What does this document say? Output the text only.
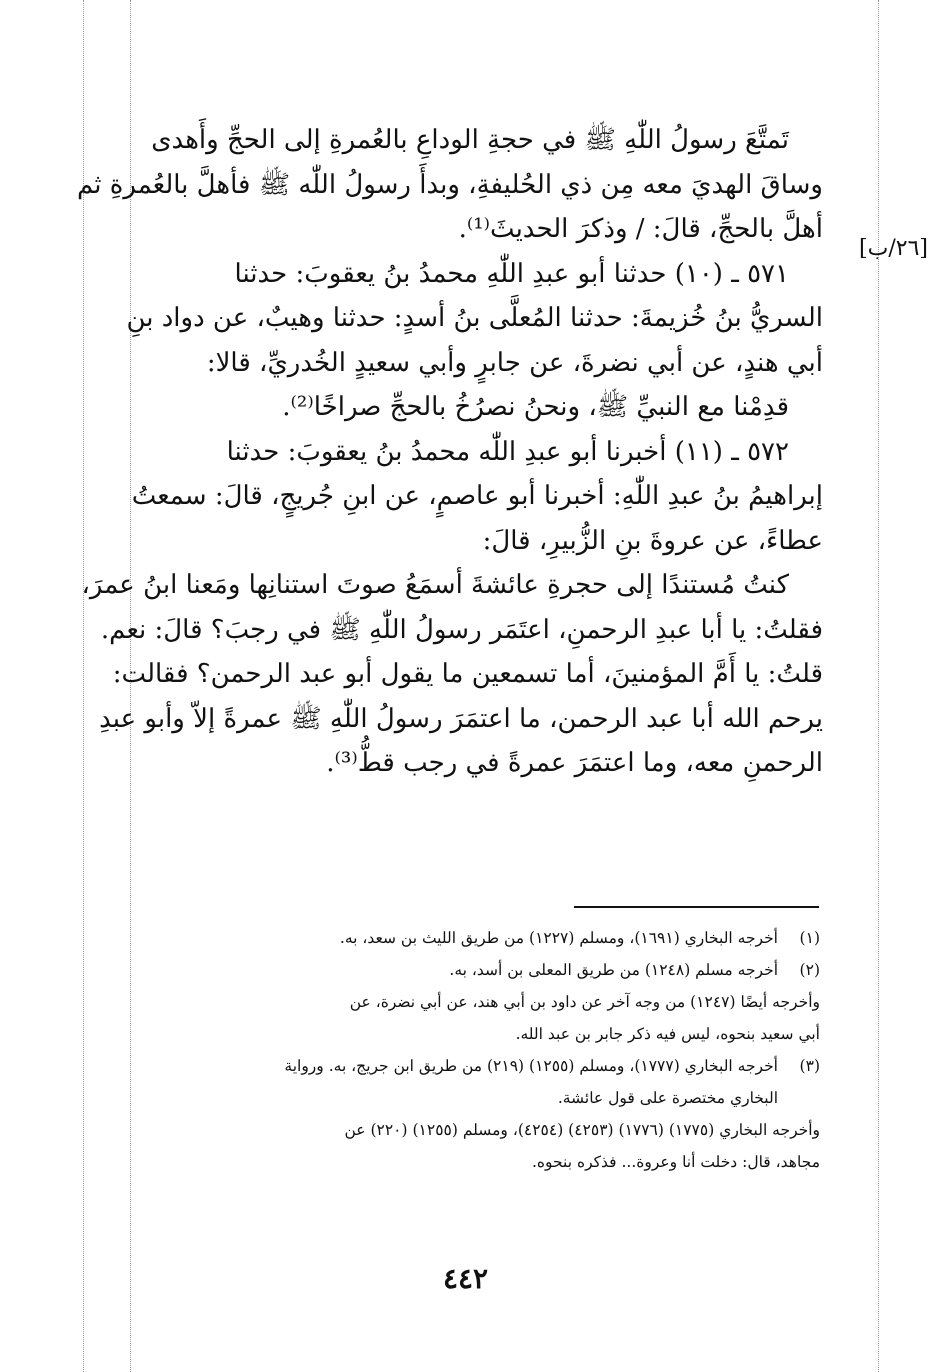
[٢٦/ب]

تَمتَّعَ رسولُ اللّٰهِ ﷺ في حجةِ الوداعِ بالعُمرةِ إلى الحجِّ وأَهدى
وساقَ الهديَ معه مِن ذي الحُليفةِ، وبدأَ رسولُ اللّٰه ﷺ فأهلَّ بالعُمرةِ ثم
أهلَّ بالحجِّ، قالَ: / وذكرَ الحديثَ⁽¹⁾.

٥٧١ ـ (١٠) حدثنا أبو عبدِ اللّٰهِ محمدُ بنُ يعقوبَ: حدثنا
السريُّ بنُ خُزيمةَ: حدثنا المُعلَّى بنُ أسدٍ: حدثنا وهيبٌ، عن دواد بنِ
أبي هندٍ، عن أبي نضرةَ، عن جابرٍ وأبي سعيدٍ الخُدريِّ، قالا:

قدِمْنا مع النبيِّ ﷺ، ونحنُ نصرُخُ بالحجِّ صراخًا⁽²⁾.

٥٧٢ ـ (١١) أخبرنا أبو عبدِ اللّٰه محمدُ بنُ يعقوبَ: حدثنا
إبراهيمُ بنُ عبدِ اللّٰهِ: أخبرنا أبو عاصمٍ، عن ابنِ جُريجٍ، قالَ: سمعتُ
عطاءً، عن عروةَ بنِ الزُّبيرِ، قالَ:

كنتُ مُستندًا إلى حجرةِ عائشةَ أسمَعُ صوتَ استنانِها ومَعنا ابنُ عمرَ،
فقلتُ: يا أبا عبدِ الرحمنِ، اعتَمَر رسولُ اللّٰهِ ﷺ في رجبَ؟ قالَ: نعم.
قلتُ: يا أَمَّ المؤمنينَ، أما تسمعين ما يقول أبو عبد الرحمن؟ فقالت:
يرحم الله أبا عبد الرحمن، ما اعتمَرَ رسولُ اللّٰهِ ﷺ عمرةً إلاّ وأبو عبدِ
الرحمنِ معه، وما اعتمَرَ عمرةً في رجب قطُّ⁽³⁾.

(١)أخرجه البخاري (١٦٩١)، ومسلم (١٢٢٧) من طريق الليث بن سعد، به.
(٢)أخرجه مسلم (١٢٤٨) من طريق المعلى بن أسد، به.
وأخرجه أيضًا (١٢٤٧) من وجه آخر عن داود بن أبي هند، عن أبي نضرة، عن
أبي سعيد بنحوه، ليس فيه ذكر جابر بن عبد الله.
(٣)أخرجه البخاري (١٧٧٧)، ومسلم (١٢٥٥) (٢١٩) من طريق ابن جريج، به. ورواية
البخاري مختصرة على قول عائشة.
وأخرجه البخاري (١٧٧٥) (١٧٧٦) (٤٢٥٣) (٤٢٥٤)، ومسلم (١٢٥٥) (٢٢٠) عن
مجاهد، قال: دخلت أنا وعروة... فذكره بنحوه.
٤٤٢
